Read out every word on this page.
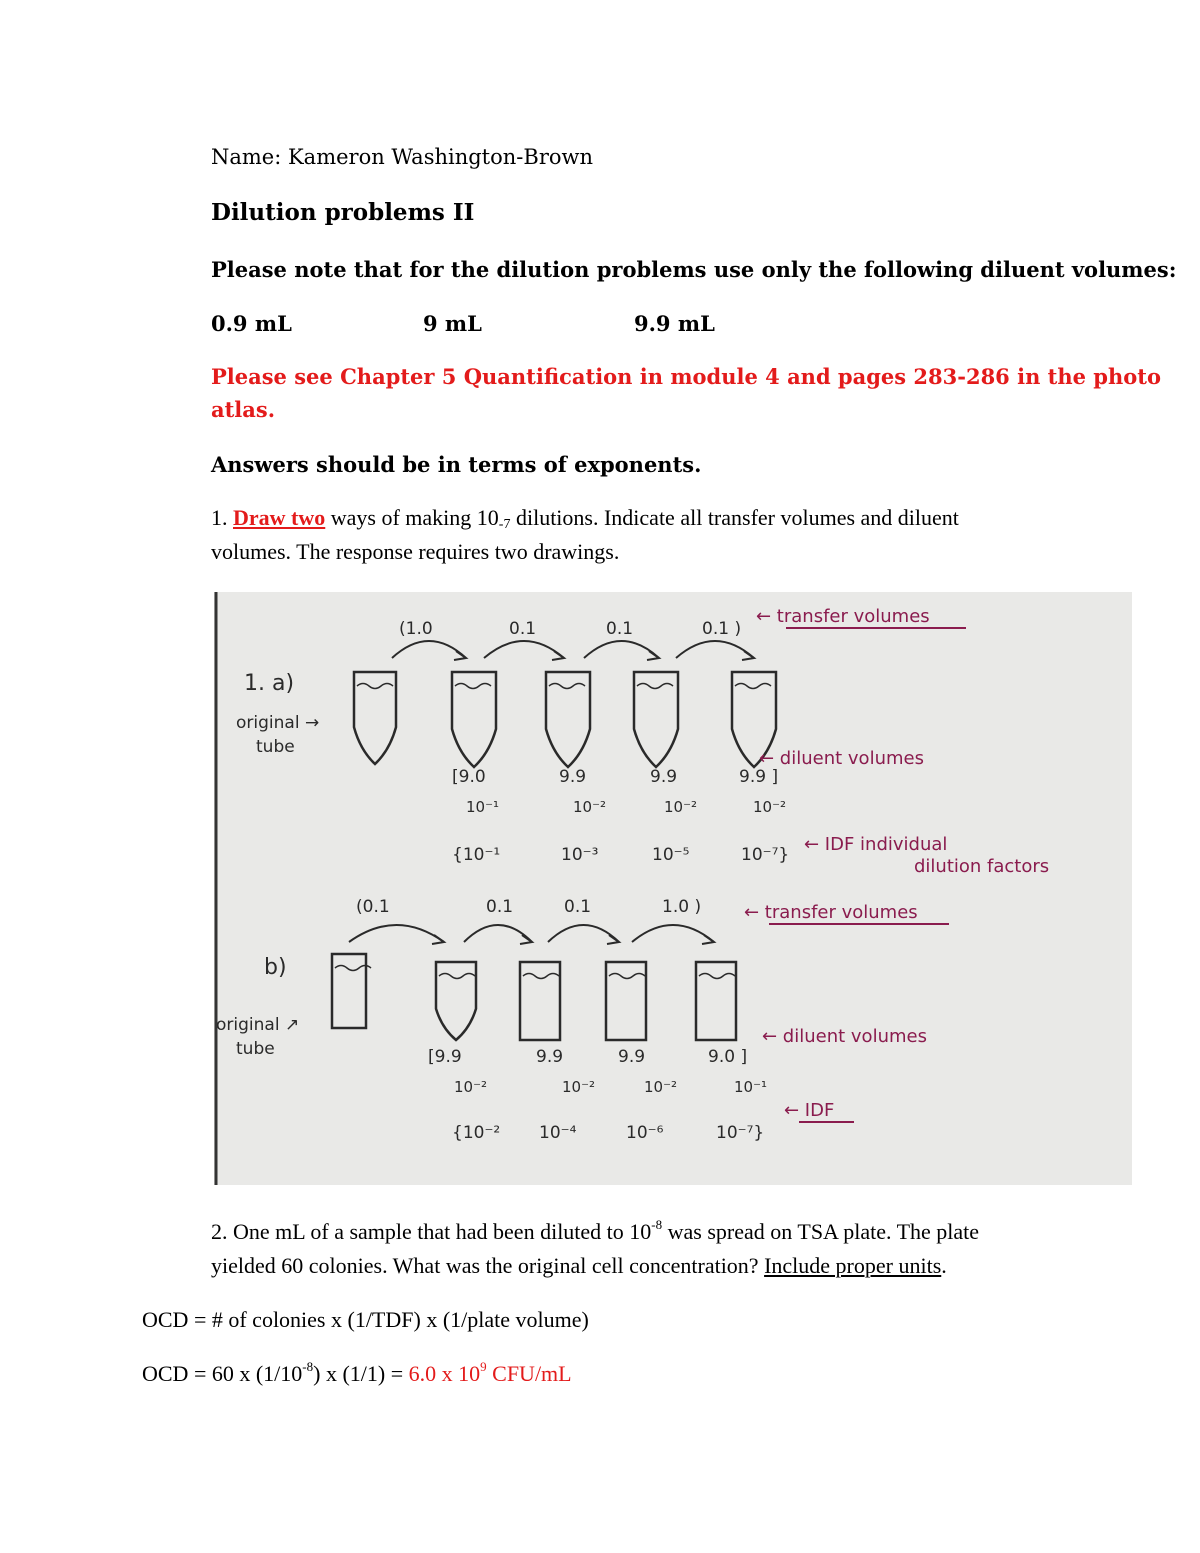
Name: Kameron Washington-Brown
Dilution problems II
Please note that for the dilution problems use only the following diluent volumes:
0.9 mL	9 mL	9.9 mL
Please see Chapter 5 Quantification in module 4 and pages 283-286 in the photo
atlas.
Answers should be in terms of exponents.
1. Draw two ways of making 10-7 dilutions. Indicate all transfer volumes and diluent
volumes. The response requires two drawings.
(1.0	0.1	0.1	0.1 )
[9.0	9.9	9.9	9.9 ]
10⁻¹	10⁻²	10⁻²	10⁻²
{10⁻¹	10⁻³	10⁻⁵	10⁻⁷}
(0.1	0.1	0.1	1.0 )
[9.9	9.9	9.9	9.0 ]
10⁻²	10⁻²	10⁻²	10⁻¹
{10⁻² 10⁻⁴	10⁻⁶	10⁻⁷}
1. a)
original →
tube
← transfer volumes
← diluent volumes
← IDF individual
dilution factors
b)
original ↗
tube
← transfer volumes
← diluent volumes
← IDF
2. One mL of a sample that had been diluted to $10^{-8}$ was spread on TSA plate. The plate
yielded 60 colonies. What was the original cell concentration? Include proper units.
OCD = # of colonies x (1/TDF) x (1/plate volume)
OCD = 60 x $(1/10^{-8})$ x (1/1) = 6.0 x $10^9$ CFU/mL
